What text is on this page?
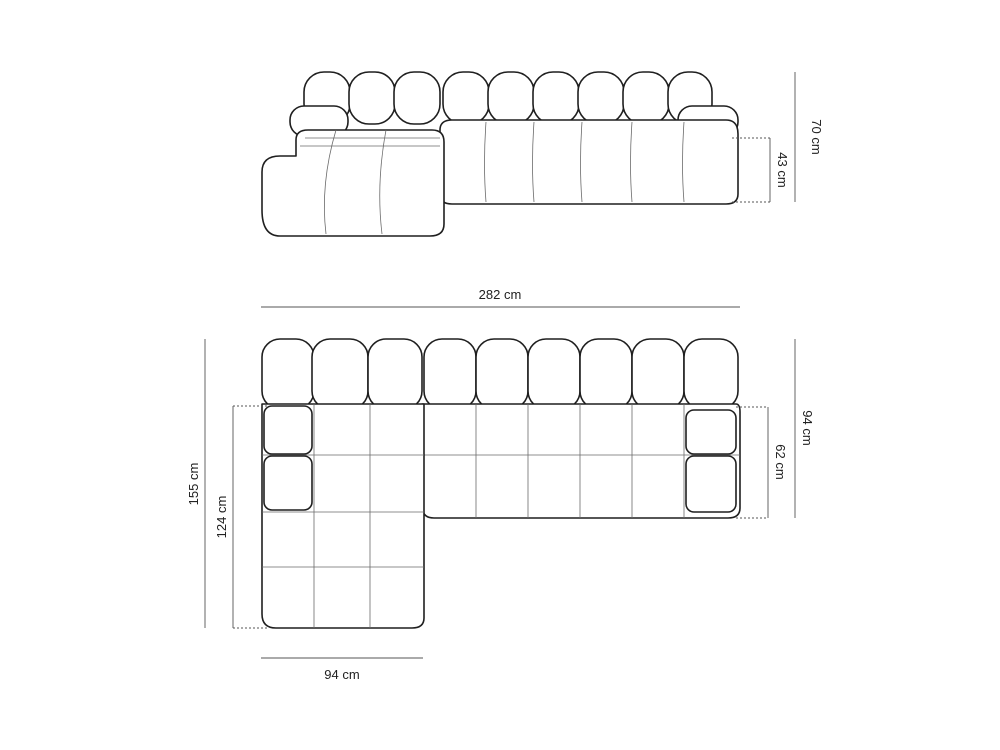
70 cm
43 cm
282 cm
155 cm
124 cm
94 cm
62 cm
94 cm
